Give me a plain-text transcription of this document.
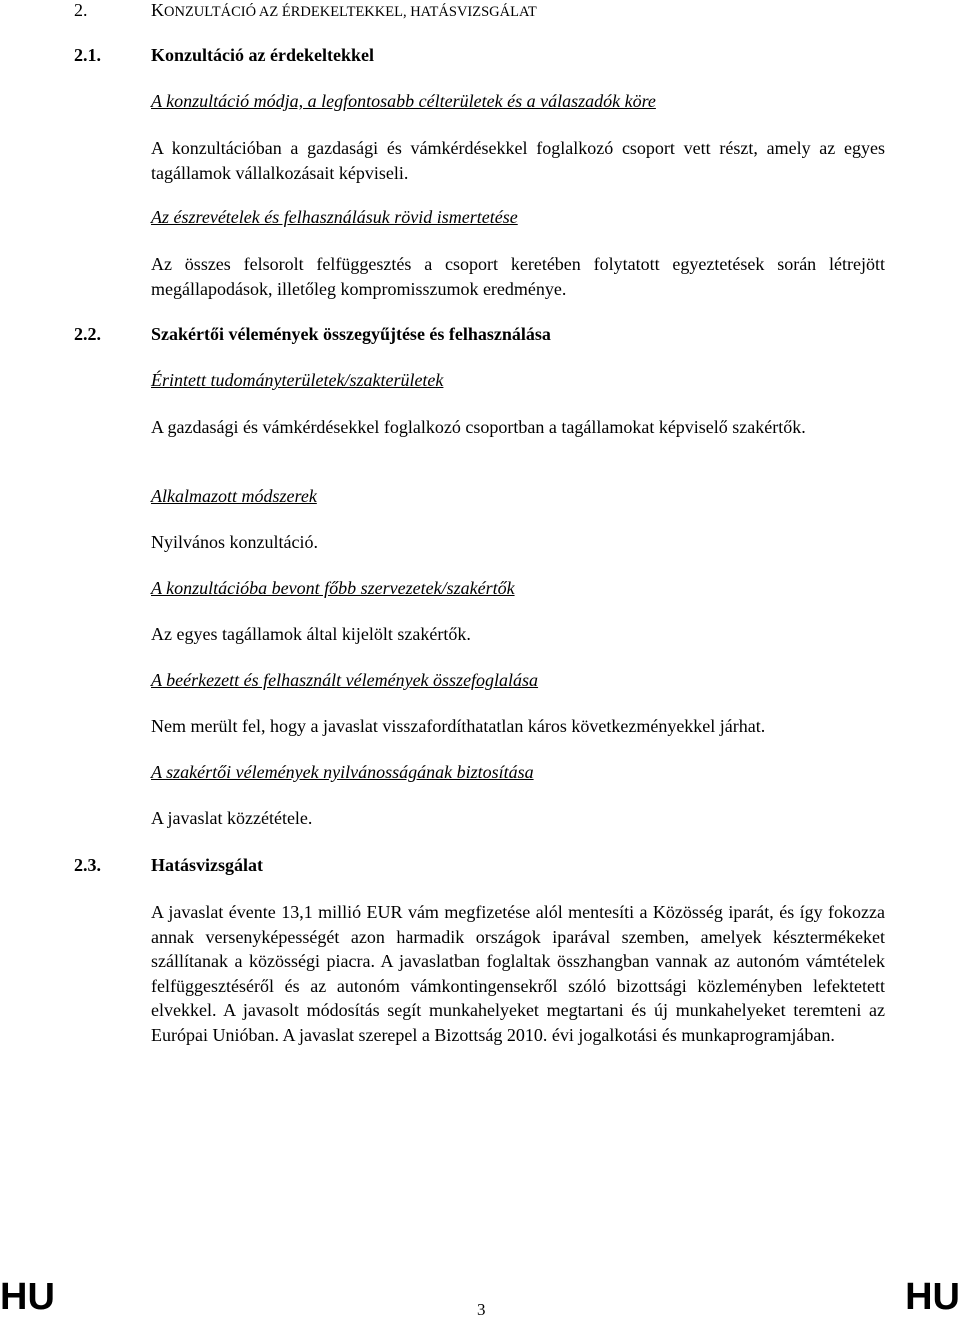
2.	KONZULTÁCIÓ AZ ÉRDEKELTEKKEL, HATÁSVIZSGÁLAT
2.1.	Konzultáció az érdekeltekkel
A konzultáció módja, a legfontosabb célterületek és a válaszadók köre
A konzultációban a gazdasági és vámkérdésekkel foglalkozó csoport vett részt, amely az egyes tagállamok vállalkozásait képviseli.
Az észrevételek és felhasználásuk rövid ismertetése
Az összes felsorolt felfüggesztés a csoport keretében folytatott egyeztetések során létrejött megállapodások, illetőleg kompromisszumok eredménye.
2.2.	Szakértői vélemények összegyűjtése és felhasználása
Érintett tudományterületek/szakterületek
A gazdasági és vámkérdésekkel foglalkozó csoportban a tagállamokat képviselő szakértők.
Alkalmazott módszerek
Nyilvános konzultáció.
A konzultációba bevont főbb szervezetek/szakértők
Az egyes tagállamok által kijelölt szakértők.
A beérkezett és felhasznált vélemények összefoglalása
Nem merült fel, hogy a javaslat visszafordíthatatlan káros következményekkel járhat.
A szakértői vélemények nyilvánosságának biztosítása
A javaslat közzététele.
2.3.	Hatásvizsgálat
A javaslat évente 13,1 millió EUR vám megfizetése alól mentesíti a Közösség iparát, és így fokozza annak versenyképességét azon harmadik országok iparával szemben, amelyek késztermékeket szállítanak a közösségi piacra. A javaslatban foglaltak összhangban vannak az autonóm vámtételek felfüggesztéséről és az autonóm vámkontingensekről szóló bizottsági közleményben lefektetett elvekkel. A javasolt módosítás segít munkahelyeket megtartani és új munkahelyeket teremteni az Európai Unióban. A javaslat szerepel a Bizottság 2010. évi jogalkotási és munkaprogramjában.
HU	3	HU
